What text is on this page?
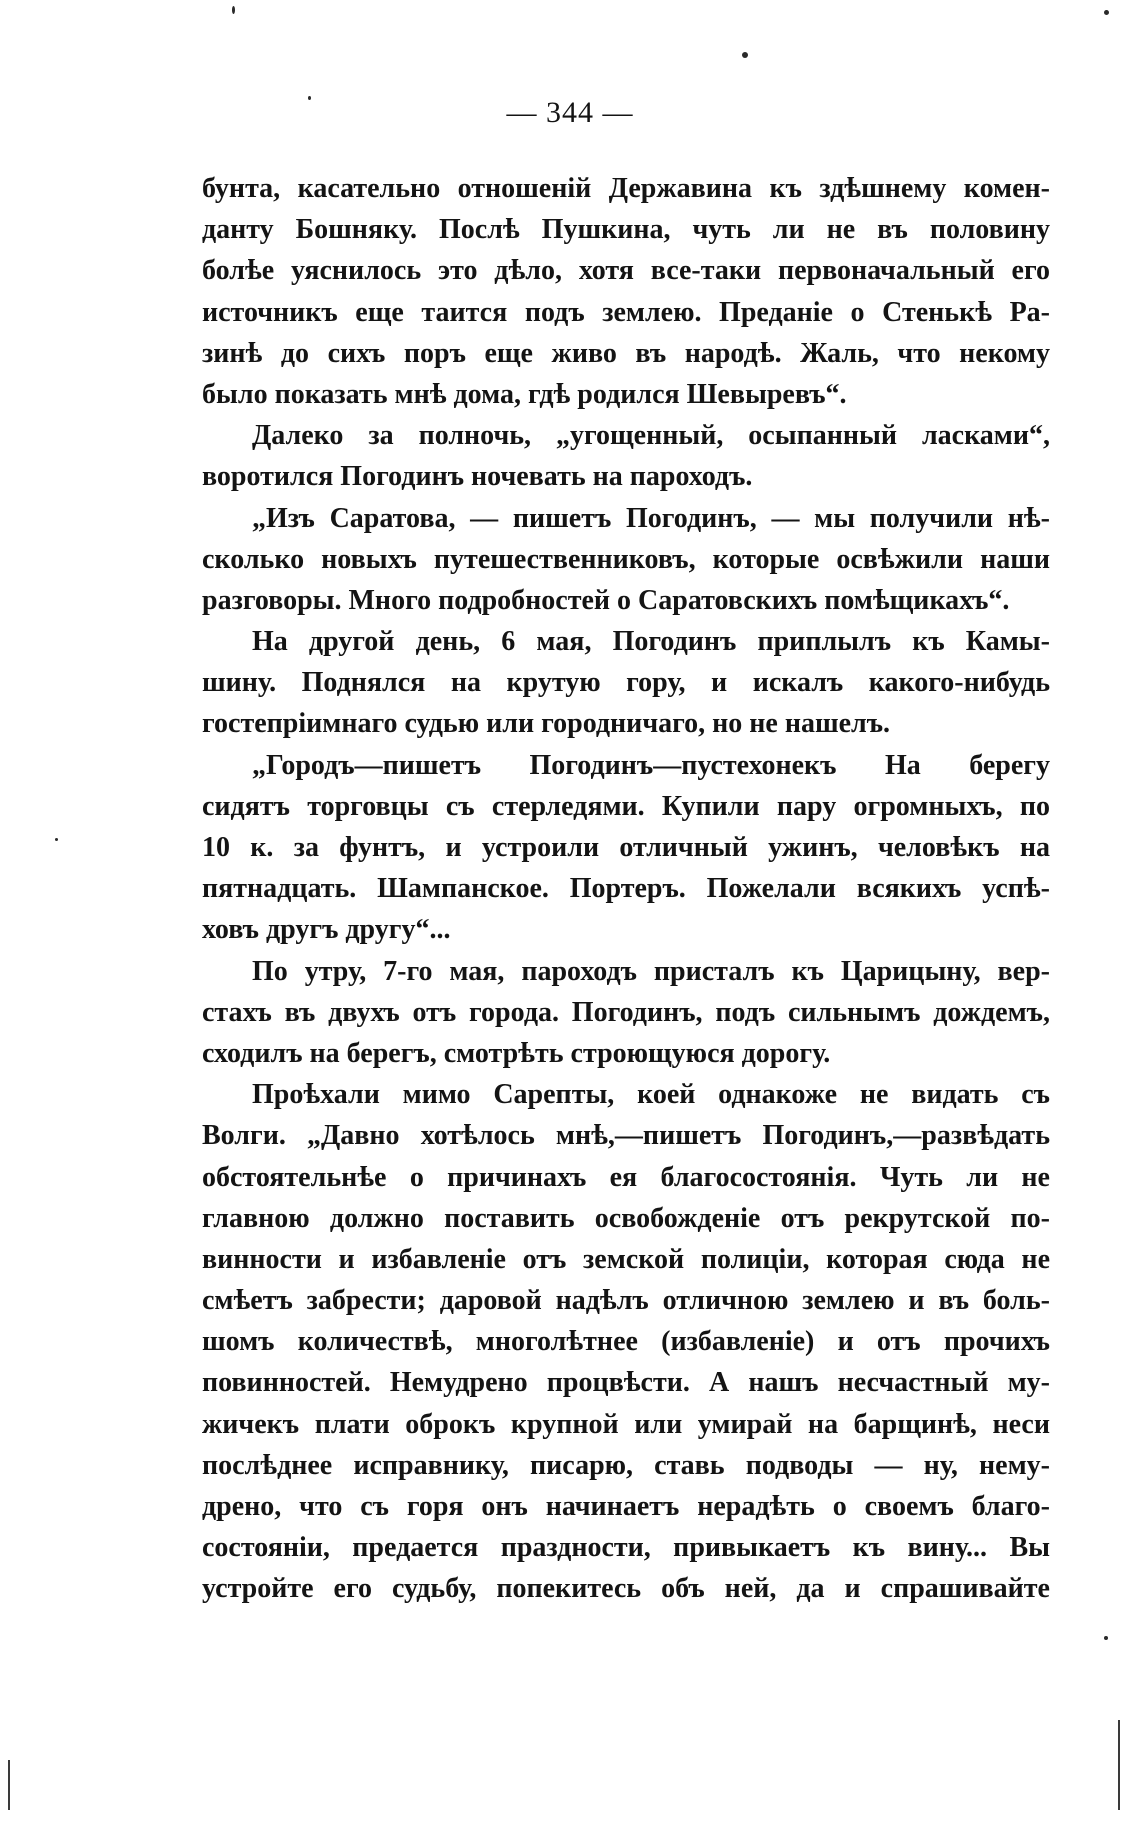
— 344 —
бунта, касательно отношеній Державина къ здѣшнему комен-
данту Бошняку. Послѣ Пушкина, чуть ли не въ половину
болѣе уяснилось это дѣло, хотя все-таки первоначальный его
источникъ еще таится подъ землею. Преданіе о Стенькѣ Ра-
зинѣ до сихъ поръ еще живо въ народѣ. Жаль, что некому
было показать мнѣ дома, гдѣ родился Шевыревъ“.
Далеко за полночь, „угощенный, осыпанный ласками“,
воротился Погодинъ ночевать на пароходъ.
„Изъ Саратова, — пишетъ Погодинъ, — мы получили нѣ-
сколько новыхъ путешественниковъ, которые освѣжили наши
разговоры. Много подробностей о Саратовскихъ помѣщикахъ“.
На другой день, 6 мая, Погодинъ приплылъ къ Камы-
шину. Поднялся на крутую гору, и искалъ какого-нибудь
гостепріимнаго судью или городничаго, но не нашелъ.
„Городъ—пишетъ Погодинъ—пустехонекъ На берегу
сидятъ торговцы съ стерледями. Купили пару огромныхъ, по
10 к. за фунтъ, и устроили отличный ужинъ, человѣкъ на
пятнадцать. Шампанское. Портеръ. Пожелали всякихъ успѣ-
ховъ другъ другу“...
По утру, 7-го мая, пароходъ присталъ къ Царицыну, вер-
стахъ въ двухъ отъ города. Погодинъ, подъ сильнымъ дождемъ,
сходилъ на берегъ, смотрѣть строющуюся дорогу.
Проѣхали мимо Сарепты, коей однакоже не видать съ
Волги. „Давно хотѣлось мнѣ,—пишетъ Погодинъ,—развѣдать
обстоятельнѣе о причинахъ ея благосостоянія. Чуть ли не
главною должно поставить освобожденіе отъ рекрутской по-
винности и избавленіе отъ земской полиціи, которая сюда не
смѣетъ забрести; даровой надѣлъ отличною землею и въ боль-
шомъ количествѣ, многолѣтнее (избавленіе) и отъ прочихъ
повинностей. Немудрено процвѣсти. А нашъ несчастный му-
жичекъ плати оброкъ крупной или умирай на барщинѣ, неси
послѣднее исправнику, писарю, ставь подводы — ну, нему-
дрено, что съ горя онъ начинаетъ нерадѣть о своемъ благо-
состояніи, предается праздности, привыкаетъ къ вину... Вы
устройте его судьбу, попекитесь объ ней, да и спрашивайте
